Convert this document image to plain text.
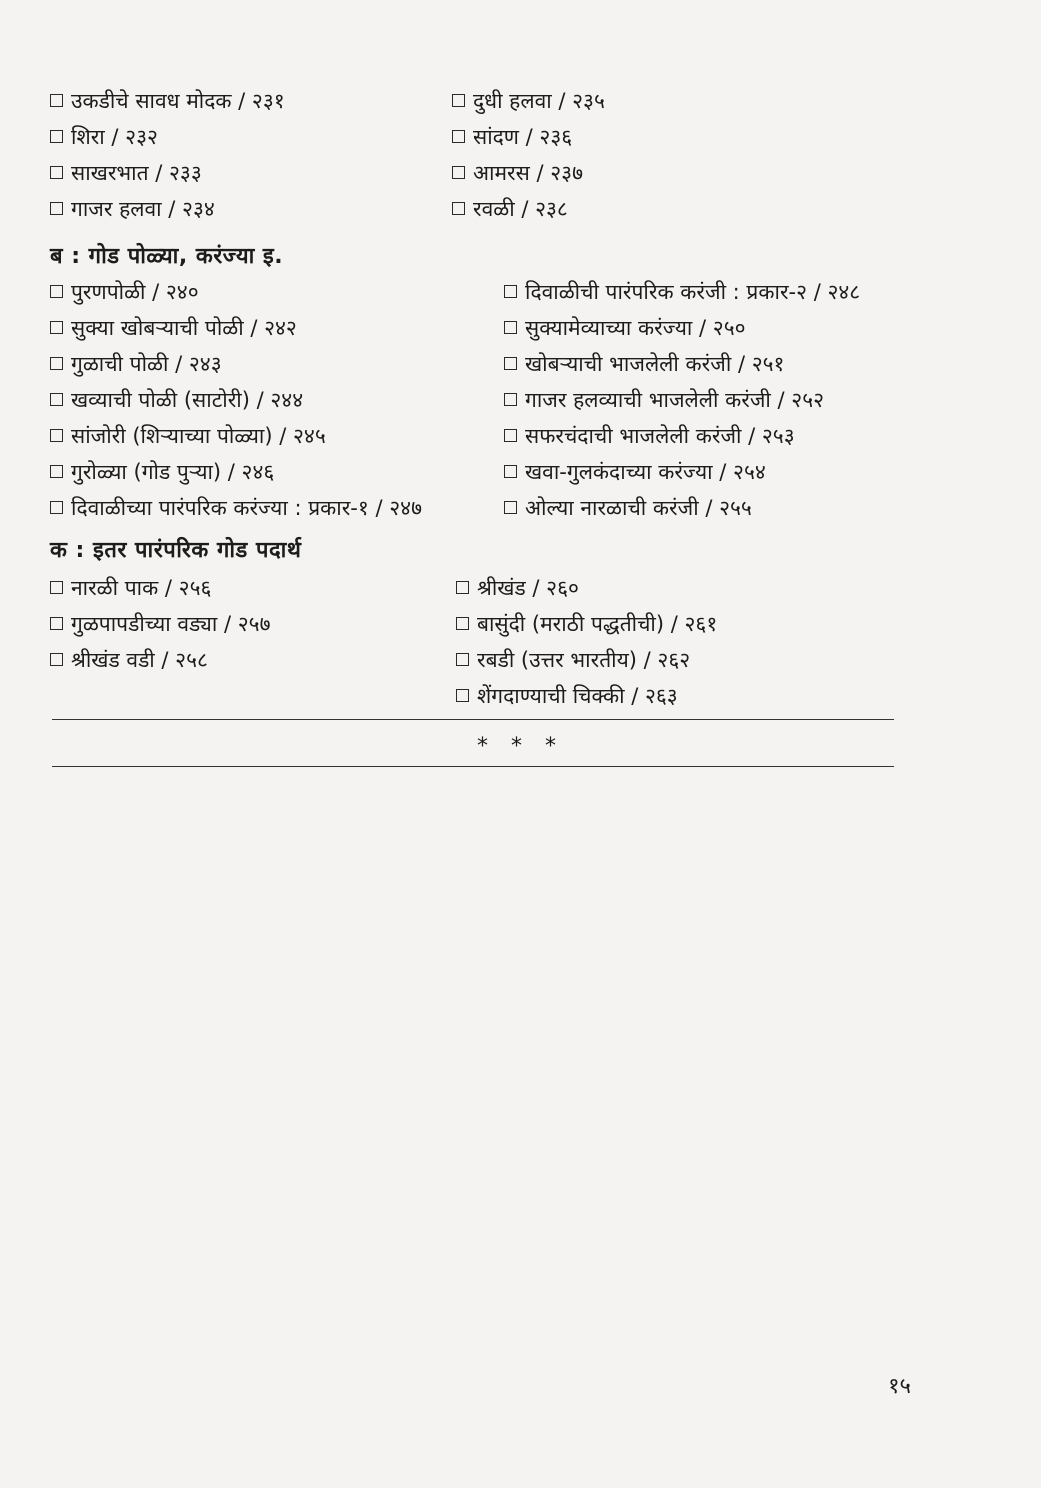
उकडीचे सावध मोदक / २३१
शिरा / २३२
साखरभात / २३३
गाजर हलवा / २३४
दुधी हलवा / २३५
सांदण / २३६
आमरस / २३७
रवळी / २३८
ब : गोड पोळ्या, करंज्या इ.
पुरणपोळी / २४०
सुक्या खोबऱ्याची पोळी / २४२
गुळाची पोळी / २४३
खव्याची पोळी (साटोरी) / २४४
सांजोरी (शिऱ्याच्या पोळ्या) / २४५
गुरोळ्या (गोड पुऱ्या) / २४६
दिवाळीच्या पारंपरिक करंज्या : प्रकार-१ / २४७
दिवाळीची पारंपरिक करंजी : प्रकार-२ / २४८
सुक्यामेव्याच्या करंज्या / २५०
खोबऱ्याची भाजलेली करंजी / २५१
गाजर हलव्याची भाजलेली करंजी / २५२
सफरचंदाची भाजलेली करंजी / २५३
खवा-गुलकंदाच्या करंज्या / २५४
ओल्या नारळाची करंजी / २५५
क : इतर पारंपरिक गोड पदार्थ
नारळी पाक / २५६
गुळपापडीच्या वड्या / २५७
श्रीखंड वडी / २५८
श्रीखंड / २६०
बासुंदी (मराठी पद्धतीची) / २६१
रबडी (उत्तर भारतीय) / २६२
शेंगदाण्याची चिक्की / २६३
* * *
१५
